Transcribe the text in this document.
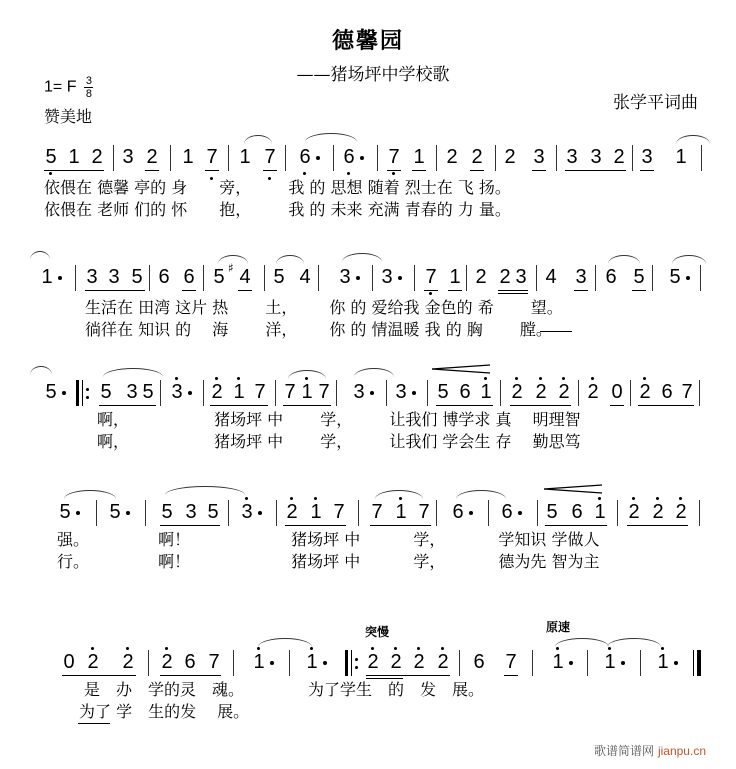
德馨园
——猪场坪中学校歌
1= F $\frac{3}{8}$
赞美地
张学平词曲
5 1 2 3 2 1 7 1 7 6 6 7 1 2 2 2 3 3 3 2 3 1
依偎在 德馨 亭的 身  旁，   我 的 思想 随着 烈士在 飞 扬。
依偎在 老师 们的 怀  抱，   我 的 未来 充满 青春的 力 量。
1 3 3 5 6 6 5 ♯ 4 5 4 3 3 7 1 2 2 3 4 3 6 5 5
生活在 田湾 这片 热   土，  你 的 爱给我 金色的 希   望。
徜徉在 知识 的  海   洋，  你 的 情温暖 我 的 胸   膛。
5 5 3 5 3 2 1 7 7 1 7 3 3 5 6 1 2 2 2 2 0 2 6 7
啊，      猪场坪 中   学，   让我们 博学求 真  明理智
啊，      猪场坪 中   学，   让我们 学会生 存  勤思笃
5 5 5 3 5 3 2 1 7 7 1 7 6 6 5 6 1 2 2 2
强。     啊！       猪场坪 中    学，    学知识 学做人
行。     啊！       猪场坪 中    学，    德为先 智为主
突慢	原速
0 2 2 2 6 7 1 1 2 2 2 2 6 7 1 1 1
是 办 学的灵 魂。    为了学生 的 发 展。
为了 学 生的发  展。
歌谱简谱网 jianpu.cn
